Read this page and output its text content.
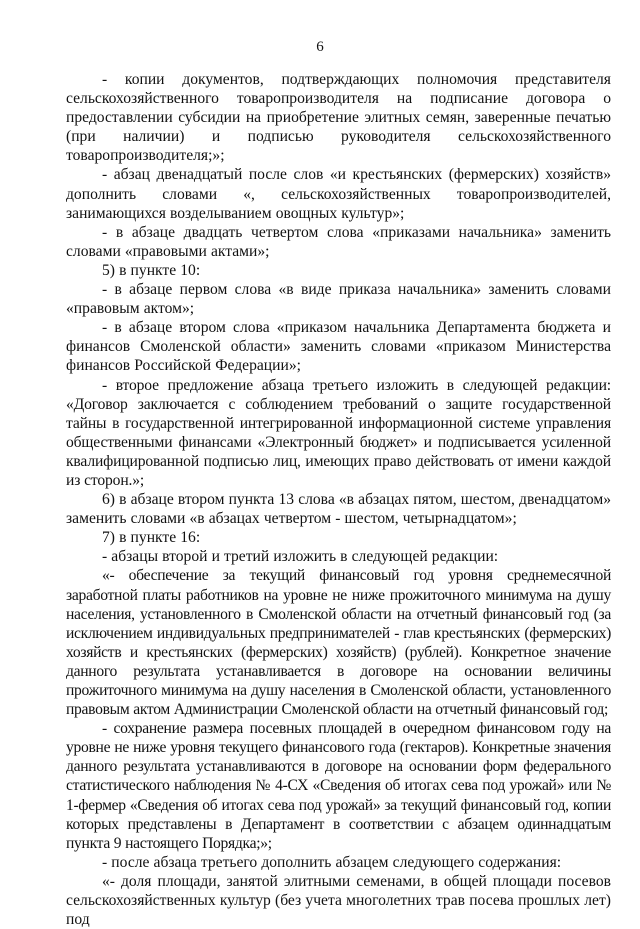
6

- копии документов, подтверждающих полномочия представителя сельскохозяйственного товаропроизводителя на подписание договора о предоставлении субсидии на приобретение элитных семян, заверенные печатью (при наличии) и подписью руководителя сельскохозяйственного товаропроизводителя;»;

- абзац двенадцатый после слов «и крестьянских (фермерских) хозяйств» дополнить словами «, сельскохозяйственных товаропроизводителей, занимающихся возделыванием овощных культур»;

- в абзаце двадцать четвертом слова «приказами начальника» заменить словами «правовыми актами»;

5) в пункте 10:

- в абзаце первом слова «в виде приказа начальника» заменить словами «правовым актом»;

- в абзаце втором слова «приказом начальника Департамента бюджета и финансов Смоленской области» заменить словами «приказом Министерства финансов Российской Федерации»;

- второе предложение абзаца третьего изложить в следующей редакции: «Договор заключается с соблюдением требований о защите государственной тайны в государственной интегрированной информационной системе управления общественными финансами «Электронный бюджет» и подписывается усиленной квалифицированной подписью лиц, имеющих право действовать от имени каждой из сторон.»;

6) в абзаце втором пункта 13 слова «в абзацах пятом, шестом, двенадцатом» заменить словами «в абзацах четвертом - шестом, четырнадцатом»;

7) в пункте 16:

- абзацы второй и третий изложить в следующей редакции:

«- обеспечение за текущий финансовый год уровня среднемесячной заработной платы работников на уровне не ниже прожиточного минимума на душу населения, установленного в Смоленской области на отчетный финансовый год (за исключением индивидуальных предпринимателей - глав крестьянских (фермерских) хозяйств и крестьянских (фермерских) хозяйств) (рублей). Конкретное значение данного результата устанавливается в договоре на основании величины прожиточного минимума на душу населения в Смоленской области, установленного правовым актом Администрации Смоленской области на отчетный финансовый год;

- сохранение размера посевных площадей в очередном финансовом году на уровне не ниже уровня текущего финансового года (гектаров). Конкретные значения данного результата устанавливаются в договоре на основании форм федерального статистического наблюдения № 4-СХ «Сведения об итогах сева под урожай» или № 1-фермер «Сведения об итогах сева под урожай» за текущий финансовый год, копии которых представлены в Департамент в соответствии с абзацем одиннадцатым пункта 9 настоящего Порядка;»;

- после абзаца третьего дополнить абзацем следующего содержания:

«- доля площади, занятой элитными семенами, в общей площади посевов сельскохозяйственных культур (без учета многолетних трав посева прошлых лет) под
